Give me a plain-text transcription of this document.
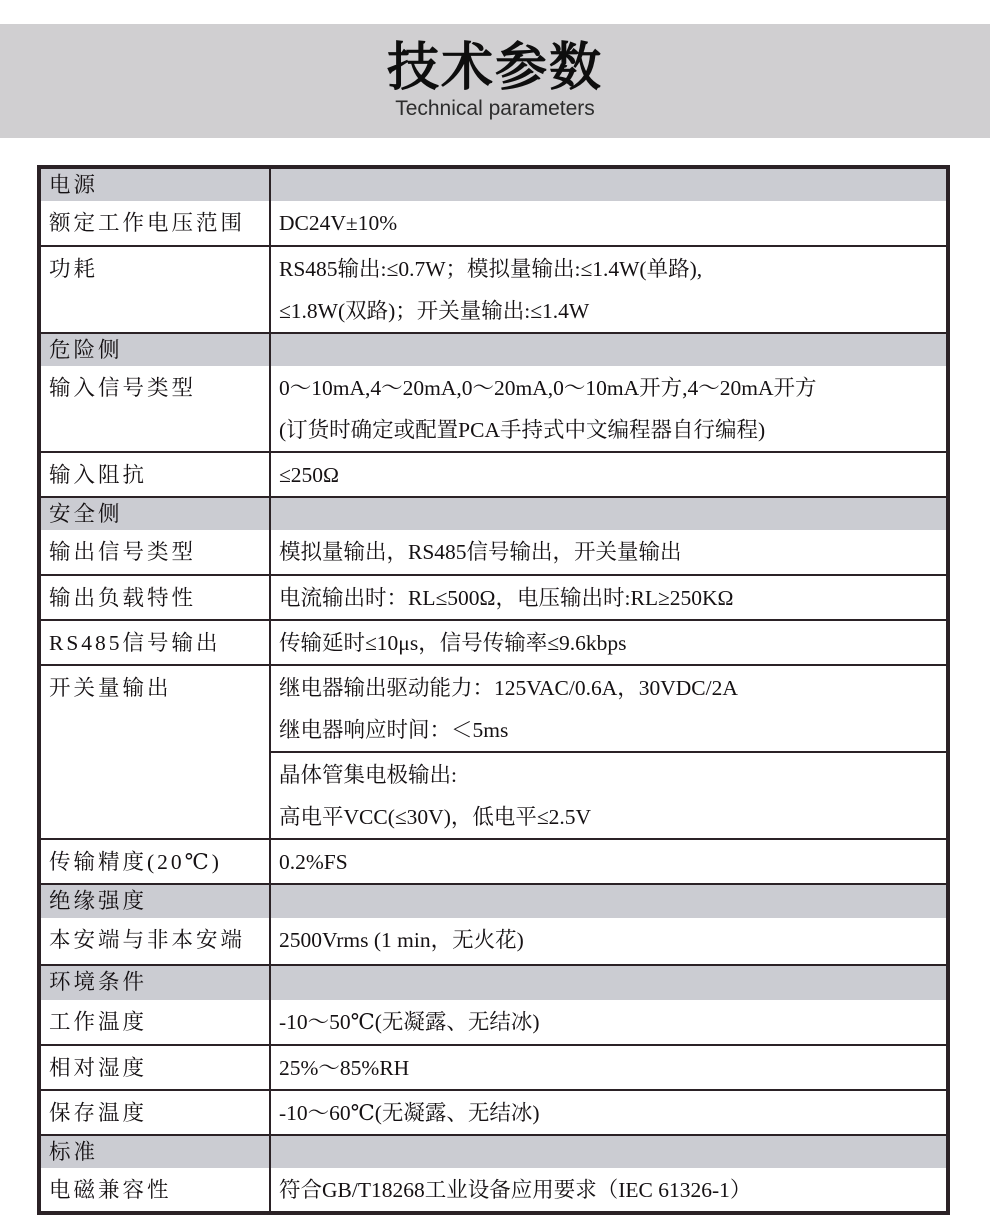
技术参数
Technical parameters
电源	
额定工作电压范围	DC24V±10%
功耗	RS485输出:≤0.7W；模拟量输出:≤1.4W(单路),
≤1.8W(双路)；开关量输出:≤1.4W
危险侧	
输入信号类型	0～10mA,4～20mA,0～20mA,0～10mA开方,4～20mA开方
(订货时确定或配置PCA手持式中文编程器自行编程)
输入阻抗	≤250Ω
安全侧	
输出信号类型	模拟量输出，RS485信号输出，开关量输出
输出负载特性	电流输出时：RL≤500Ω，电压输出时:RL≥250KΩ
RS485信号输出	传输延时≤10μs，信号传输率≤9.6kbps
开关量输出	继电器输出驱动能力：125VAC/0.6A，30VDC/2A
继电器响应时间：＜5ms
	晶体管集电极输出:
高电平VCC(≤30V)，低电平≤2.5V
传输精度(20℃)	0.2%FS
绝缘强度	
本安端与非本安端	2500Vrms (1 min，无火花)
环境条件	
工作温度	-10～50℃(无凝露、无结冰)
相对湿度	25%～85%RH
保存温度	-10～60℃(无凝露、无结冰)
标准	
电磁兼容性	符合GB/T18268工业设备应用要求（IEC 61326-1）
